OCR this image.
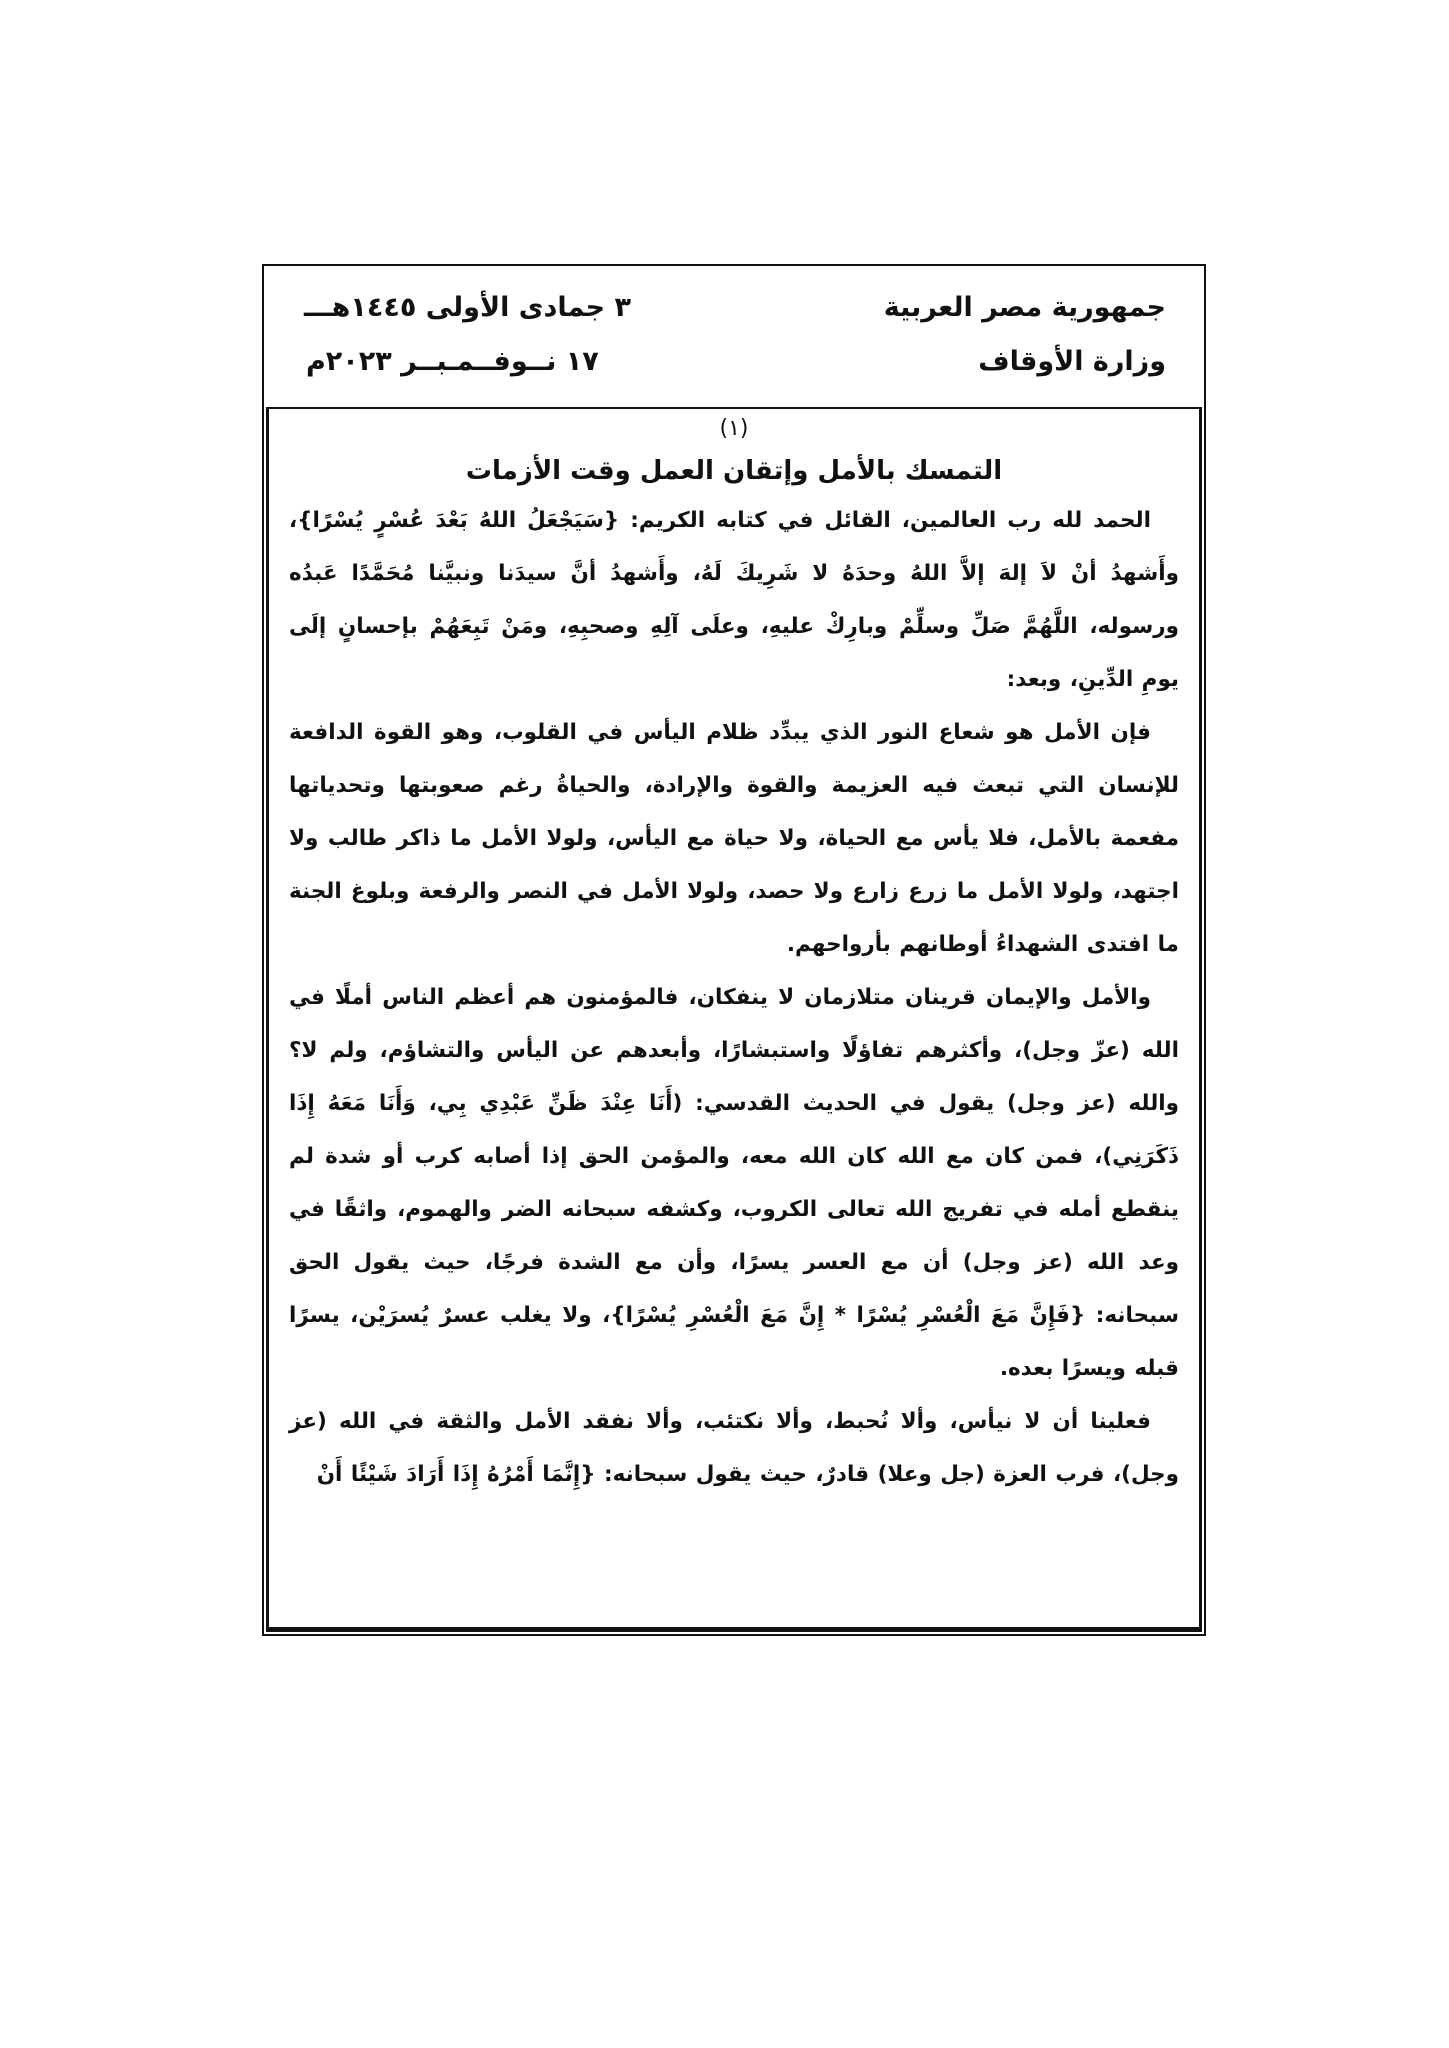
جمهورية مصر العربية
وزارة الأوقاف
٣ جمادى الأولى ١٤٤٥هـــ
١٧ نــوفــمـبــر ٢٠٢٣م
(١)
التمسك بالأمل وإتقان العمل وقت الأزمات

الحمد لله رب العالمين، القائل في كتابه الكريم: {سَيَجْعَلُ اللهُ بَعْدَ عُسْرٍ يُسْرًا}، وأَشهدُ أنْ لاَ إلهَ إلاَّ اللهُ وحدَهُ لا شَرِيكَ لَهُ، وأَشهدُ أنَّ سيدَنا ونبيَّنا مُحَمَّدًا عَبدُه ورسوله، اللَّهُمَّ صَلِّ وسلِّمْ وبارِكْ عليهِ، وعلَى آلِهِ وصحبِهِ، ومَنْ تَبِعَهُمْ بإحسانٍ إلَى يومِ الدِّينِ، وبعد:

فإن الأمل هو شعاع النور الذي يبدِّد ظلام اليأس في القلوب، وهو القوة الدافعة للإنسان التي تبعث فيه العزيمة والقوة والإرادة، والحياةُ رغم صعوبتها وتحدياتها مفعمة بالأمل، فلا يأس مع الحياة، ولا حياة مع اليأس، ولولا الأمل ما ذاكر طالب ولا اجتهد، ولولا الأمل ما زرع زارع ولا حصد، ولولا الأمل في النصر والرفعة وبلوغ الجنة ما افتدى الشهداءُ أوطانهم بأرواحهم.

والأمل والإيمان قرينان متلازمان لا ينفكان، فالمؤمنون هم أعظم الناس أملًا في الله (عزّ وجل)، وأكثرهم تفاؤلًا واستبشارًا، وأبعدهم عن اليأس والتشاؤم، ولم لا؟ والله (عز وجل) يقول في الحديث القدسي: (أَنَا عِنْدَ ظَنِّ عَبْدِي بِي، وَأَنَا مَعَهُ إِذَا ذَكَرَنِي)، فمن كان مع الله كان الله معه، والمؤمن الحق إذا أصابه كرب أو شدة لم ينقطع أمله في تفريج الله تعالى الكروب، وكشفه سبحانه الضر والهموم، واثقًا في وعد الله (عز وجل) أن مع العسر يسرًا، وأن مع الشدة فرجًا، حيث يقول الحق سبحانه: {فَإِنَّ مَعَ الْعُسْرِ يُسْرًا * إِنَّ مَعَ الْعُسْرِ يُسْرًا}، ولا يغلب عسرٌ يُسرَيْن، يسرًا قبله ويسرًا بعده.

فعلينا أن لا نيأس، وألا نُحبط، وألا نكتئب، وألا نفقد الأمل والثقة في الله (عز وجل)، فرب العزة (جل وعلا) قادرٌ، حيث يقول سبحانه: {إِنَّمَا أَمْرُهُ إِذَا أَرَادَ شَيْئًا أَنْ
